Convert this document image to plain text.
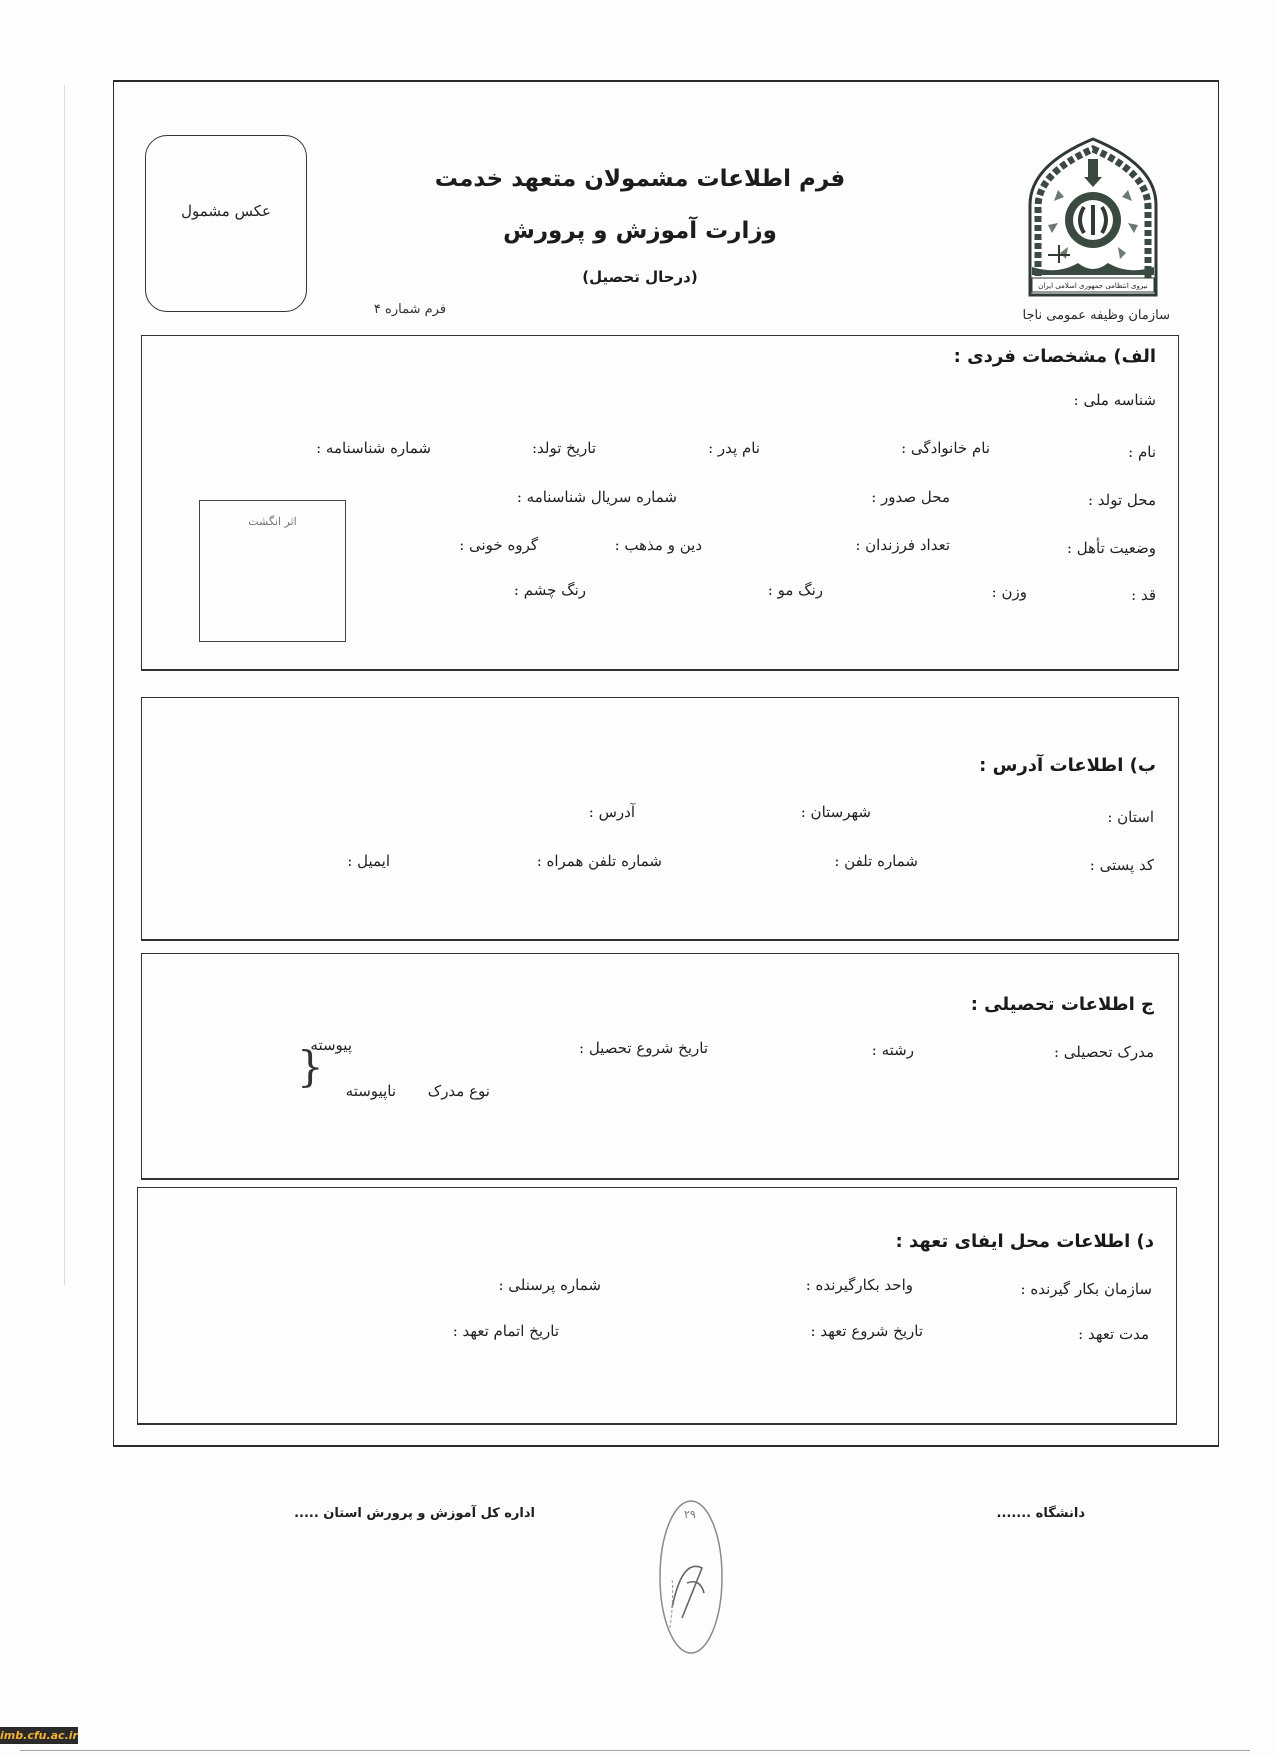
عکس مشمول
فرم اطلاعات مشمولان متعهد خدمت
وزارت آموزش و پرورش
(درحال تحصیل)
فرم شماره ۴
نیروی انتظامی جمهوری اسلامی ایران
سازمان وظیفه عمومی ناجا
الف) مشخصات فردی :
شناسه ملی :
نام :
نام خانوادگی :
نام پدر :
تاریخ تولد:
شماره شناسنامه :
محل تولد :
محل صدور :
شماره سریال شناسنامه :
وضعیت تأهل :
تعداد فرزندان :
دین و مذهب :
گروه خونی :
قد :
وزن :
رنگ مو :
رنگ چشم :
اثر انگشت
ب) اطلاعات آدرس :
استان :
شهرستان :
آدرس :
کد پستی :
شماره تلفن :
شماره تلفن همراه :
ایمیل :
ج اطلاعات تحصیلی :
مدرک تحصیلی :
رشته :
تاریخ شروع تحصیل :
پیوسته
}	نوع مدرک
ناپیوسته
د) اطلاعات محل ایفای تعهد :
سازمان بکار گیرنده :
واحد بکارگیرنده :
شماره پرسنلی :
مدت تعهد :
تاریخ شروع تعهد :
تاریخ اتمام تعهد :
دانشگاه .......
اداره کل آموزش و پرورش استان .....	۲۹
imb.cfu.ac.ir
